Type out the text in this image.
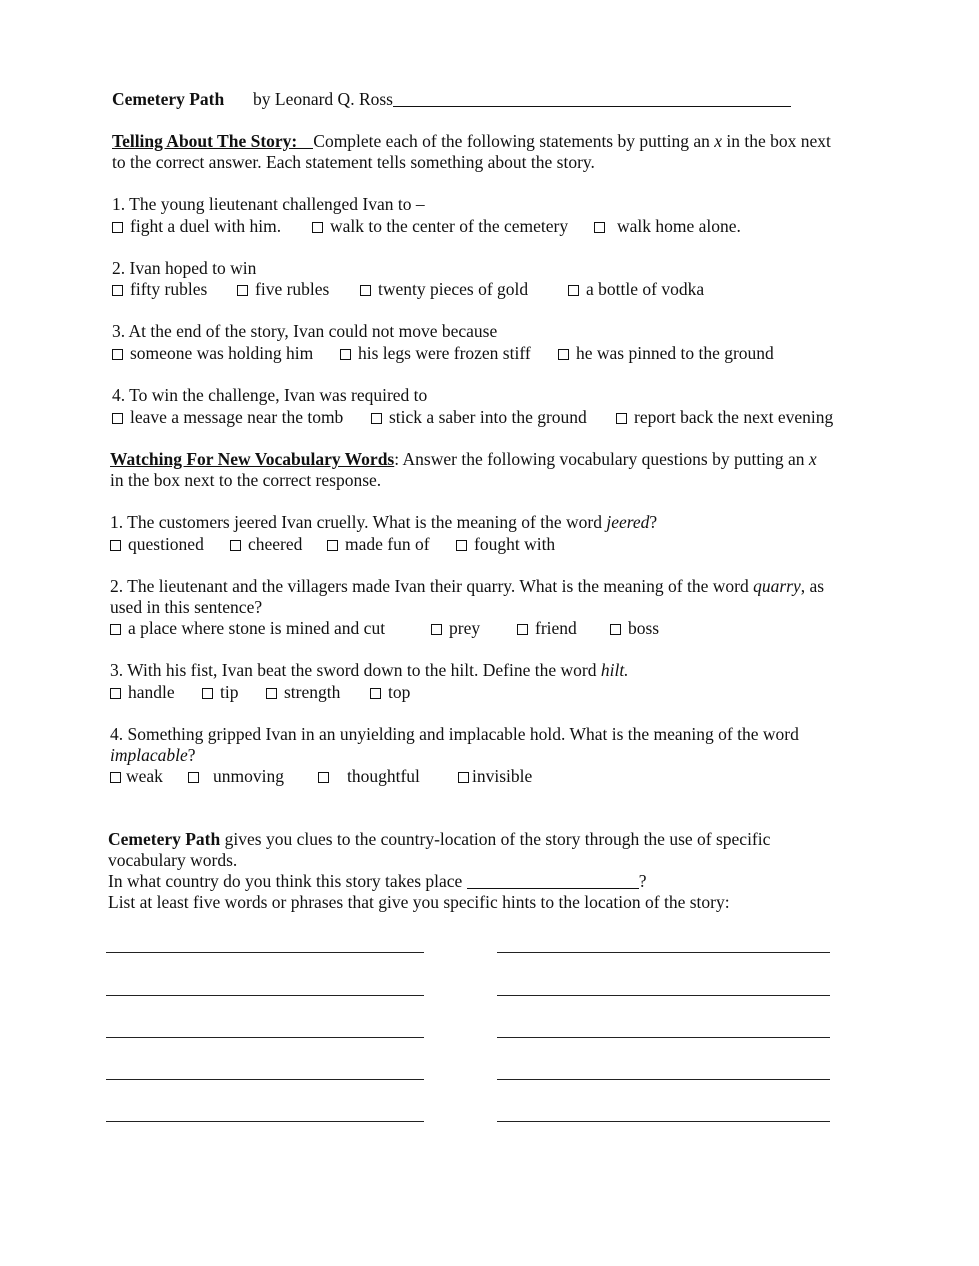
Cemetery Path by Leonard Q. Ross
Telling About The Story: Complete each of the following statements by putting an x in the box next
to the correct answer. Each statement tells something about the story.
1. The young lieutenant challenged Ivan to –
fight a duel with him.	walk to the center of the cemetery	walk home alone.
2. Ivan hoped to win
fifty rubles	five rubles	twenty pieces of gold	a bottle of vodka
3. At the end of the story, Ivan could not move because
someone was holding him	his legs were frozen stiff	he was pinned to the ground
4. To win the challenge, Ivan was required to
leave a message near the tomb	stick a saber into the ground	report back the next evening
Watching For New Vocabulary Words: Answer the following vocabulary questions by putting an x
in the box next to the correct response.
1. The customers jeered Ivan cruelly. What is the meaning of the word jeered?
questioned	cheered	made fun of	fought with
2. The lieutenant and the villagers made Ivan their quarry. What is the meaning of the word quarry, as
used in this sentence?
a place where stone is mined and cut	prey	friend	boss
3. With his fist, Ivan beat the sword down to the hilt. Define the word hilt.
handle	tip	strength	top
4. Something gripped Ivan in an unyielding and implacable hold. What is the meaning of the word
implacable?
weak	unmoving	thoughtful	invisible
Cemetery Path gives you clues to the country-location of the story through the use of specific
vocabulary words.
In what country do you think this story takes place	?
List at least five words or phrases that give you specific hints to the location of the story:
